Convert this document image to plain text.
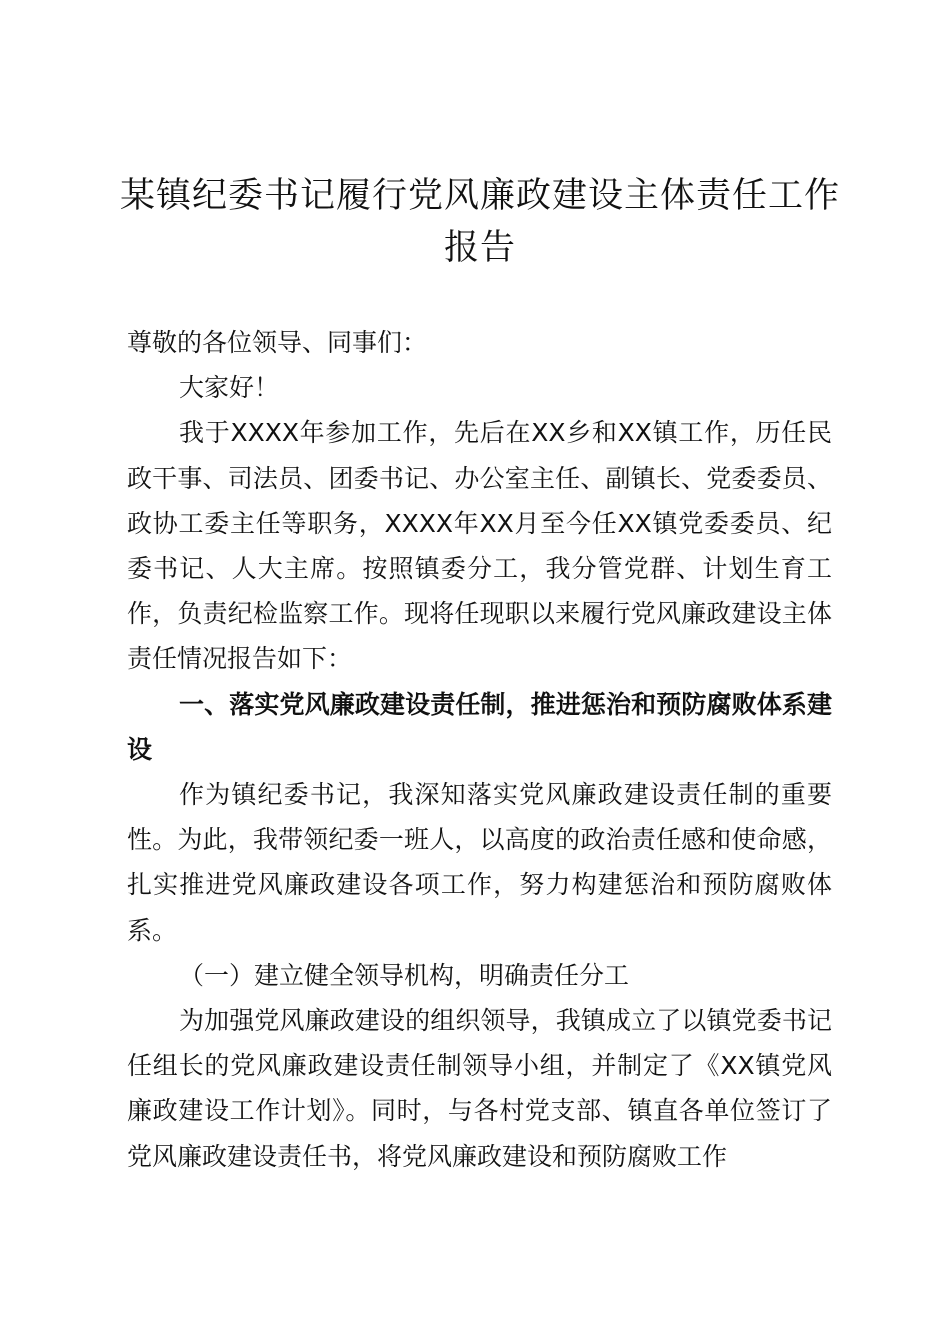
某镇纪委书记履行党风廉政建设主体责任工作报告

尊敬的各位领导、同事们：

大家好！

我于XXXX年参加工作，先后在XX乡和XX镇工作，历任民政干事、司法员、团委书记、办公室主任、副镇长、党委委员、政协工委主任等职务，XXXX年XX月至今任XX镇党委委员、纪委书记、人大主席。按照镇委分工，我分管党群、计划生育工作，负责纪检监察工作。现将任现职以来履行党风廉政建设主体责任情况报告如下：

一、落实党风廉政建设责任制，推进惩治和预防腐败体系建设

作为镇纪委书记，我深知落实党风廉政建设责任制的重要性。为此，我带领纪委一班人，以高度的政治责任感和使命感，扎实推进党风廉政建设各项工作，努力构建惩治和预防腐败体系。

（一）建立健全领导机构，明确责任分工

为加强党风廉政建设的组织领导，我镇成立了以镇党委书记任组长的党风廉政建设责任制领导小组，并制定了《XX镇党风廉政建设工作计划》。同时，与各村党支部、镇直各单位签订了党风廉政建设责任书，将党风廉政建设和预防腐败工作
